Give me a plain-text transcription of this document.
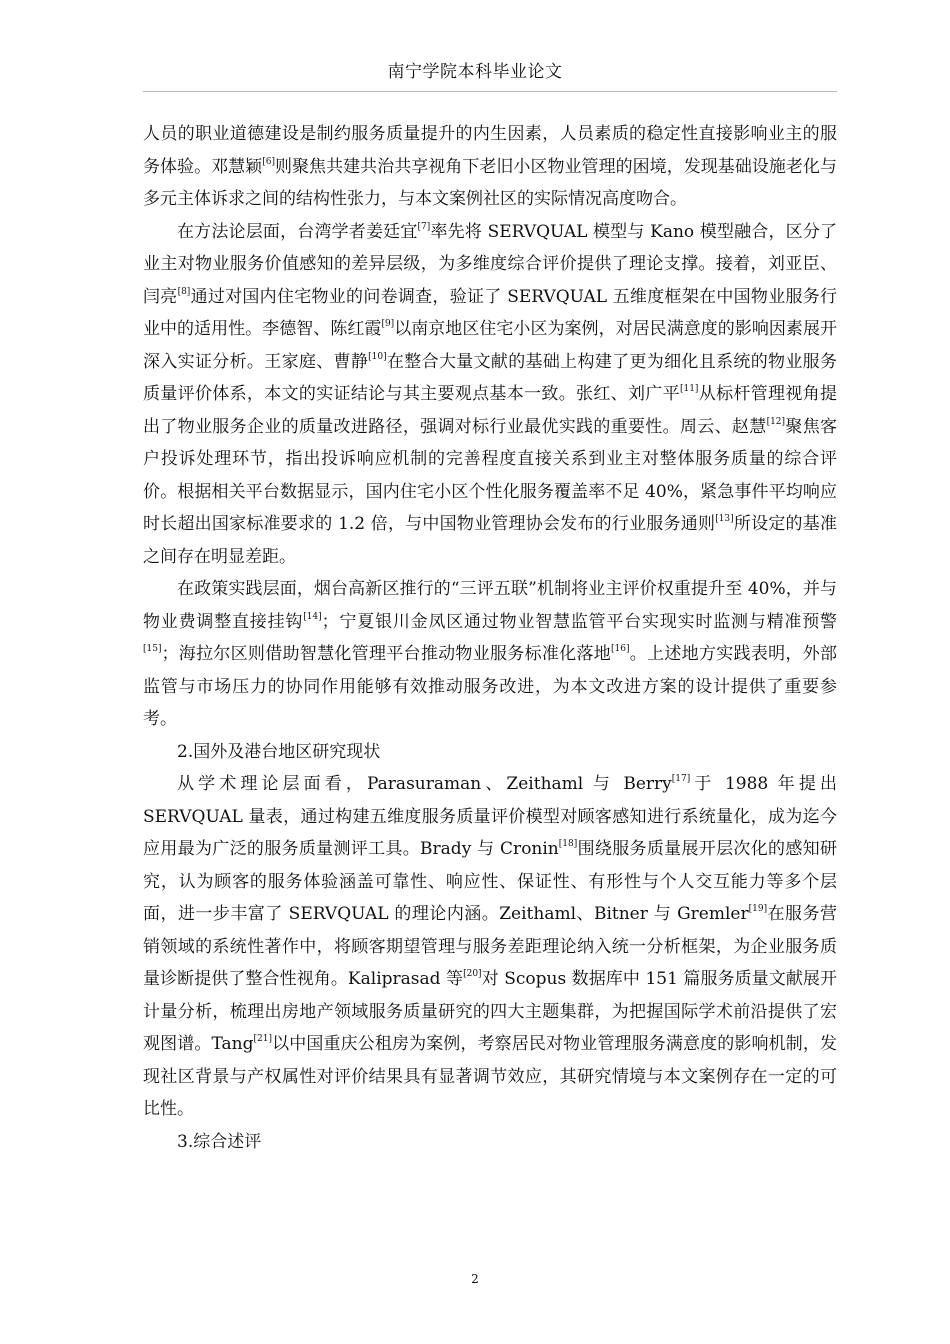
南宁学院本科毕业论文

人员的职业道德建设是制约服务质量提升的内生因素，人员素质的稳定性直接影响业主的服务体验。邓慧颖[6]则聚焦共建共治共享视角下老旧小区物业管理的困境，发现基础设施老化与多元主体诉求之间的结构性张力，与本文案例社区的实际情况高度吻合。

在方法论层面，台湾学者姜廷宜[7]率先将 SERVQUAL 模型与 Kano 模型融合，区分了业主对物业服务价值感知的差异层级，为多维度综合评价提供了理论支撑。接着，刘亚臣、闫亮[8]通过对国内住宅物业的问卷调查，验证了 SERVQUAL 五维度框架在中国物业服务行业中的适用性。李德智、陈红霞[9]以南京地区住宅小区为案例，对居民满意度的影响因素展开深入实证分析。王家庭、曹静[10]在整合大量文献的基础上构建了更为细化且系统的物业服务质量评价体系，本文的实证结论与其主要观点基本一致。张红、刘广平[11]从标杆管理视角提出了物业服务企业的质量改进路径，强调对标行业最优实践的重要性。周云、赵慧[12]聚焦客户投诉处理环节，指出投诉响应机制的完善程度直接关系到业主对整体服务质量的综合评价。根据相关平台数据显示，国内住宅小区个性化服务覆盖率不足 40%，紧急事件平均响应时长超出国家标准要求的 1.2 倍，与中国物业管理协会发布的行业服务通则[13]所设定的基准之间存在明显差距。

在政策实践层面，烟台高新区推行的“三评五联”机制将业主评价权重提升至 40%，并与物业费调整直接挂钩[14]；宁夏银川金凤区通过物业智慧监管平台实现实时监测与精准预警[15]；海拉尔区则借助智慧化管理平台推动物业服务标准化落地[16]。上述地方实践表明，外部监管与市场压力的协同作用能够有效推动服务改进，为本文改进方案的设计提供了重要参考。

2.国外及港台地区研究现状

从学术理论层面看，Parasuraman、Zeithaml 与 Berry[17]于 1988 年提出 SERVQUAL 量表，通过构建五维度服务质量评价模型对顾客感知进行系统量化，成为迄今应用最为广泛的服务质量测评工具。Brady 与 Cronin[18]围绕服务质量展开层次化的感知研究，认为顾客的服务体验涵盖可靠性、响应性、保证性、有形性与个人交互能力等多个层面，进一步丰富了 SERVQUAL 的理论内涵。Zeithaml、Bitner 与 Gremler[19]在服务营销领域的系统性著作中，将顾客期望管理与服务差距理论纳入统一分析框架，为企业服务质量诊断提供了整合性视角。Kaliprasad 等[20]对 Scopus 数据库中 151 篇服务质量文献展开计量分析，梳理出房地产领域服务质量研究的四大主题集群，为把握国际学术前沿提供了宏观图谱。Tang[21]以中国重庆公租房为案例，考察居民对物业管理服务满意度的影响机制，发现社区背景与产权属性对评价结果具有显著调节效应，其研究情境与本文案例存在一定的可比性。

3.综合述评

2
